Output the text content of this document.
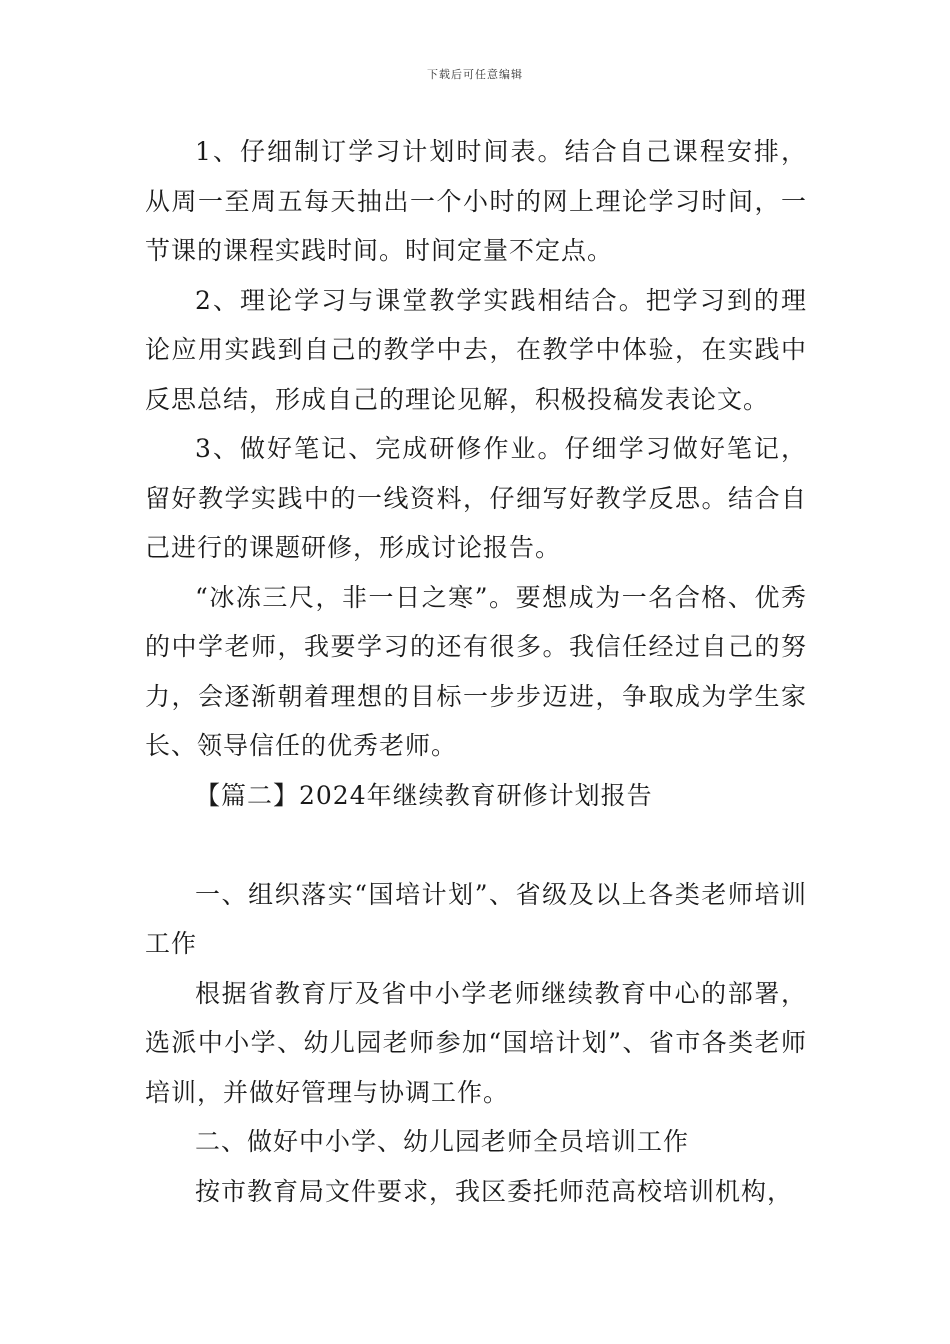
下载后可任意编辑

1、仔细制订学习计划时间表。结合自己课程安排，从周一至周五每天抽出一个小时的网上理论学习时间，一节课的课程实践时间。时间定量不定点。

2、理论学习与课堂教学实践相结合。把学习到的理论应用实践到自己的教学中去，在教学中体验，在实践中反思总结，形成自己的理论见解，积极投稿发表论文。

3、做好笔记、完成研修作业。仔细学习做好笔记，留好教学实践中的一线资料，仔细写好教学反思。结合自己进行的课题研修，形成讨论报告。

“冰冻三尺，非一日之寒”。要想成为一名合格、优秀的中学老师，我要学习的还有很多。我信任经过自己的努力，会逐渐朝着理想的目标一步步迈进，争取成为学生家长、领导信任的优秀老师。

【篇二】2024年继续教育研修计划报告

一、组织落实“国培计划”、省级及以上各类老师培训工作

根据省教育厅及省中小学老师继续教育中心的部署，选派中小学、幼儿园老师参加“国培计划”、省市各类老师培训，并做好管理与协调工作。

二、做好中小学、幼儿园老师全员培训工作

按市教育局文件要求，我区委托师范高校培训机构，
